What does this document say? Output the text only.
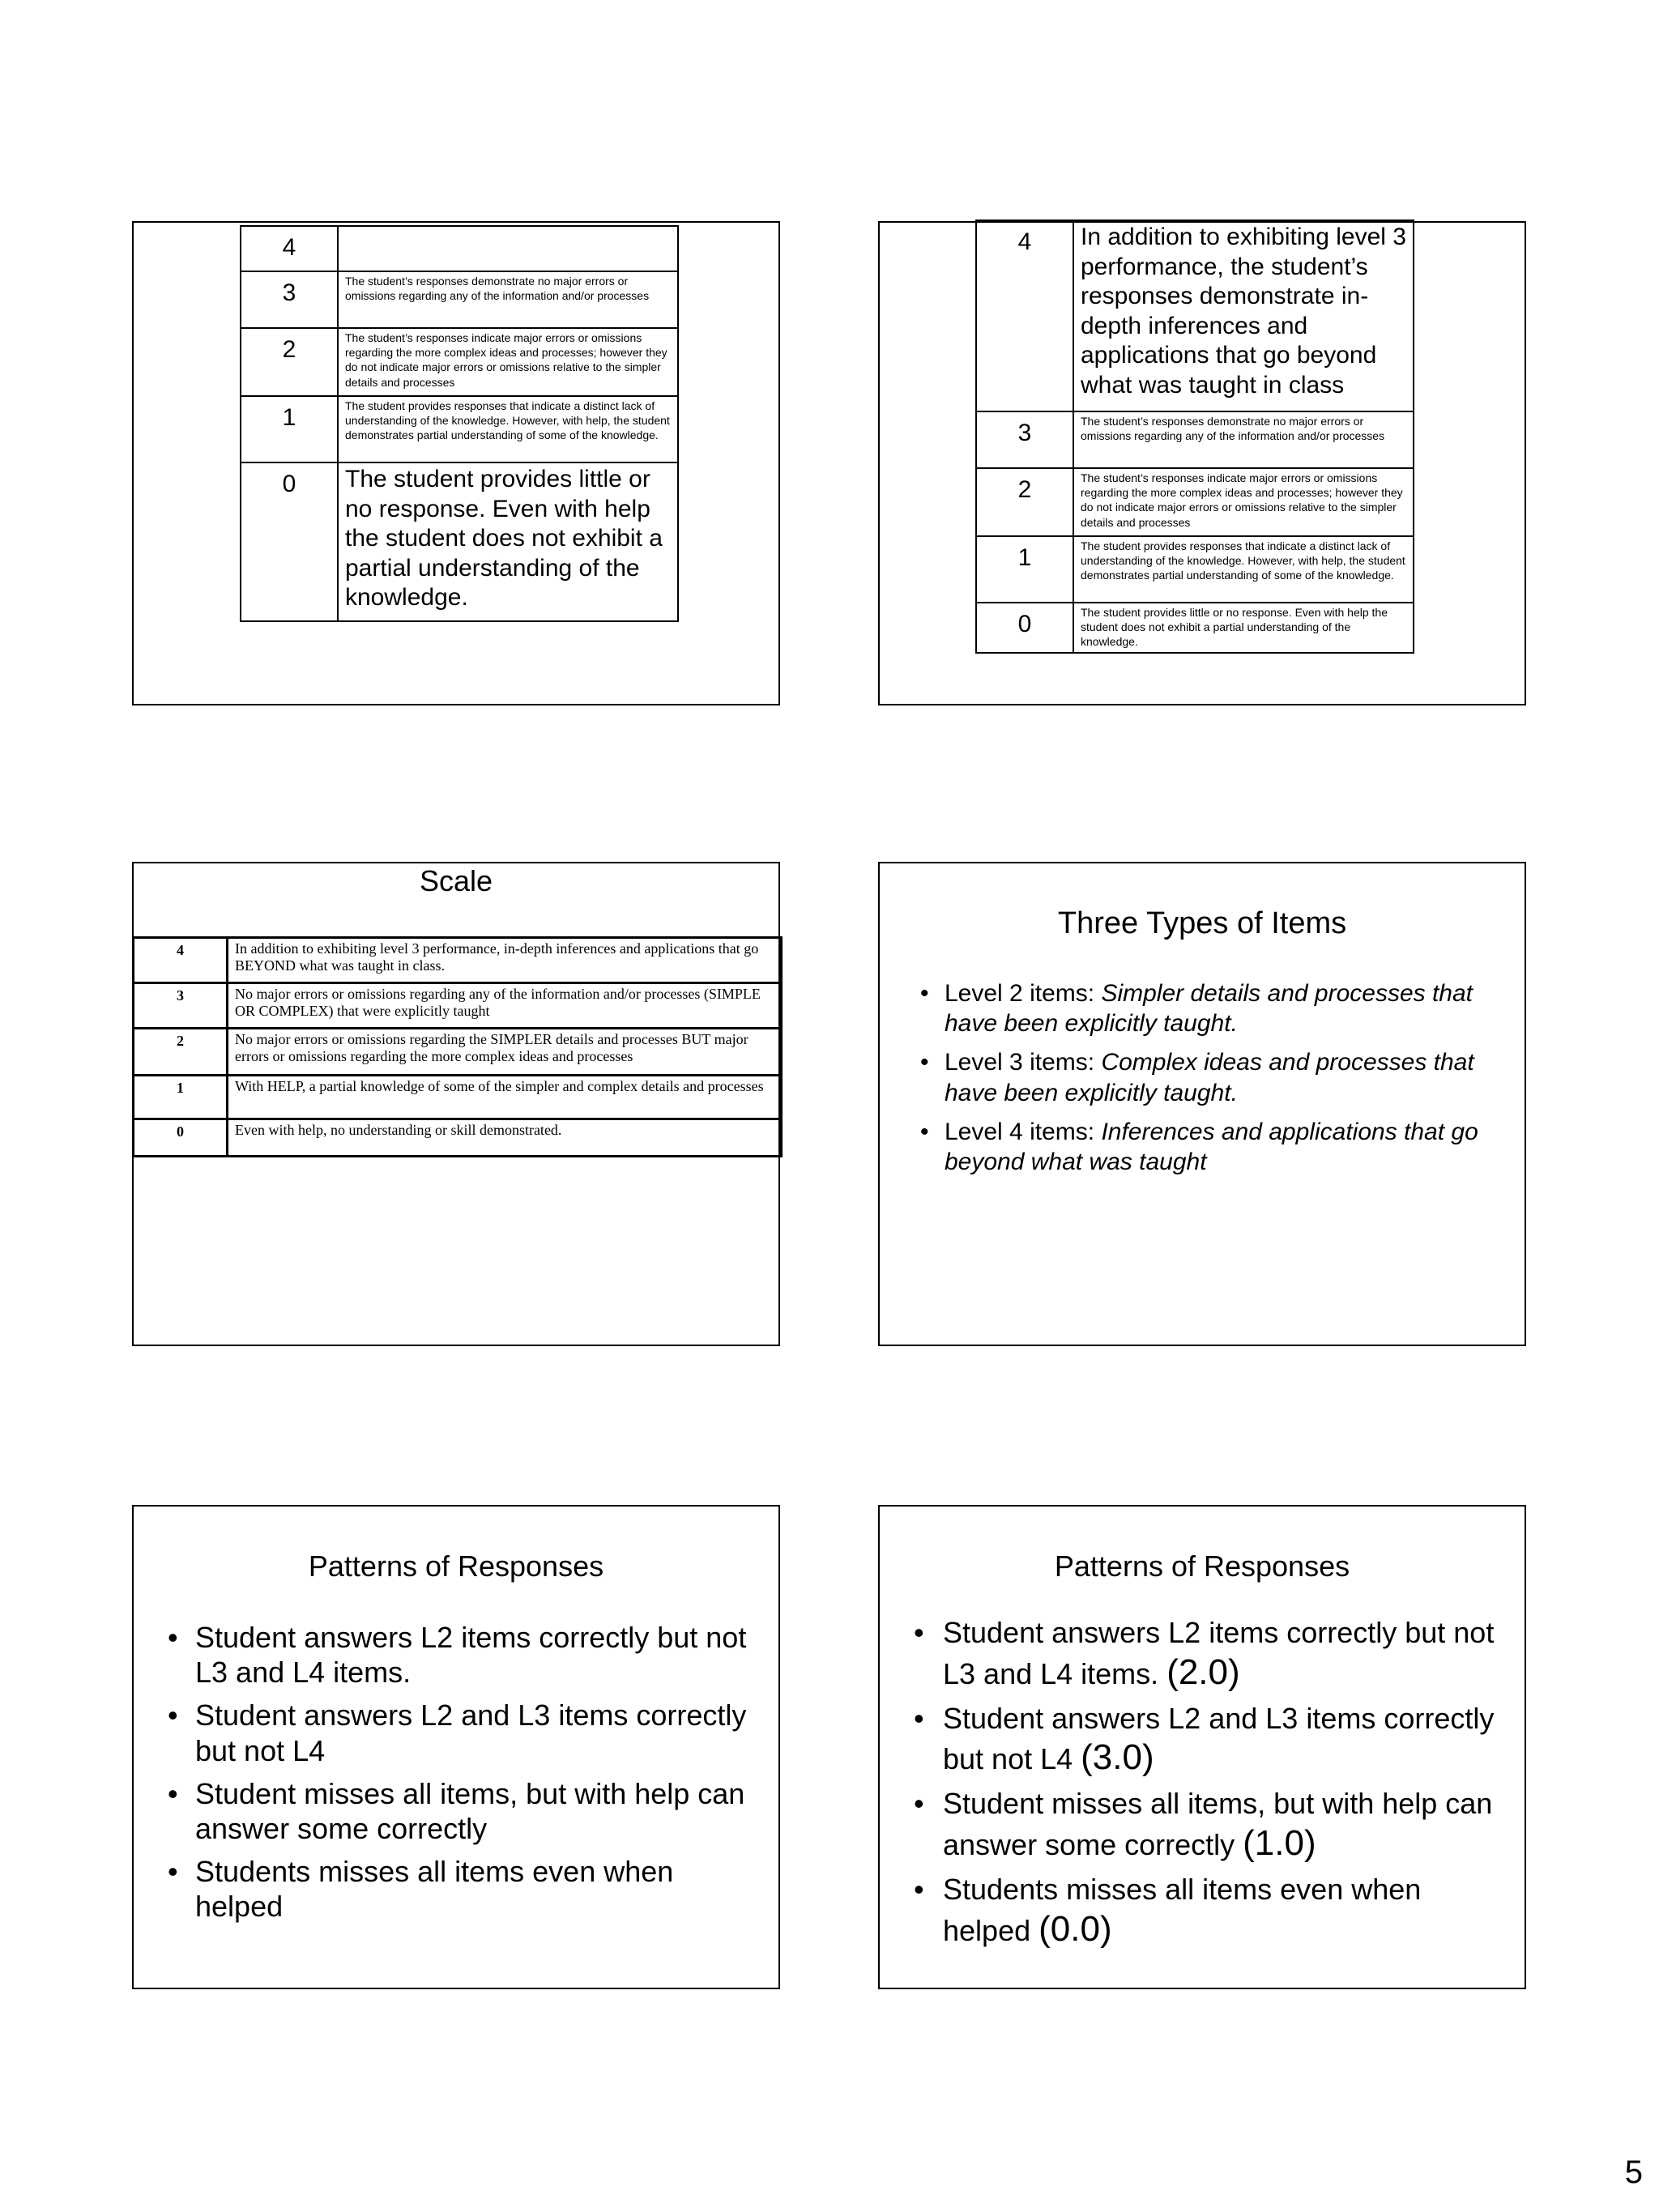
4	
3	The student’s responses demonstrate no major errors or omissions regarding any of the information and/or processes
2	The student’s responses indicate major errors or omissions regarding the more complex ideas and processes; however they do not indicate major errors or omissions relative to the simpler details and processes
1	The student provides responses that indicate a distinct lack of understanding of the knowledge. However, with help, the student demonstrates partial understanding of some of the knowledge.
0	The student provides little or no response. Even with help the student does not exhibit a partial understanding of the knowledge.
4	In addition to exhibiting level 3 performance, the student’s responses demonstrate in-depth inferences and applications that go beyond what was taught in class
3	The student’s responses demonstrate no major errors or omissions regarding any of the information and/or processes
2	The student’s responses indicate major errors or omissions regarding the more complex ideas and processes; however they do not indicate major errors or omissions relative to the simpler details and processes
1	The student provides responses that indicate a distinct lack of understanding of the knowledge. However, with help, the student demonstrates partial understanding of some of the knowledge.
0	The student provides little or no response. Even with help the student does not exhibit a partial understanding of the knowledge.
Scale
4	In addition to exhibiting level 3 performance, in-depth inferences and applications that go BEYOND what was taught in class.
3	No major errors or omissions regarding any of the information and/or processes (SIMPLE OR COMPLEX) that were explicitly taught
2	No major errors or omissions regarding the SIMPLER details and processes BUT major errors or omissions regarding the more complex ideas and processes
1	With HELP, a partial knowledge of some of the simpler and complex details and processes
0	Even with help, no understanding or skill demonstrated.
Three Types of Items
• Level 2 items: Simpler details and processes that have been explicitly taught.
• Level 3 items: Complex ideas and processes that have been explicitly taught.
• Level 4 items: Inferences and applications that go beyond what was taught
Patterns of Responses
• Student answers L2 items correctly but not L3 and L4 items.
• Student answers L2 and L3 items correctly but not L4
• Student misses all items, but with help can answer some correctly
• Students misses all items even when helped
Patterns of Responses
• Student answers L2 items correctly but not L3 and L4 items. (2.0)
• Student answers L2 and L3 items correctly but not L4 (3.0)
• Student misses all items, but with help can answer some correctly (1.0)
• Students misses all items even when helped (0.0)
5
